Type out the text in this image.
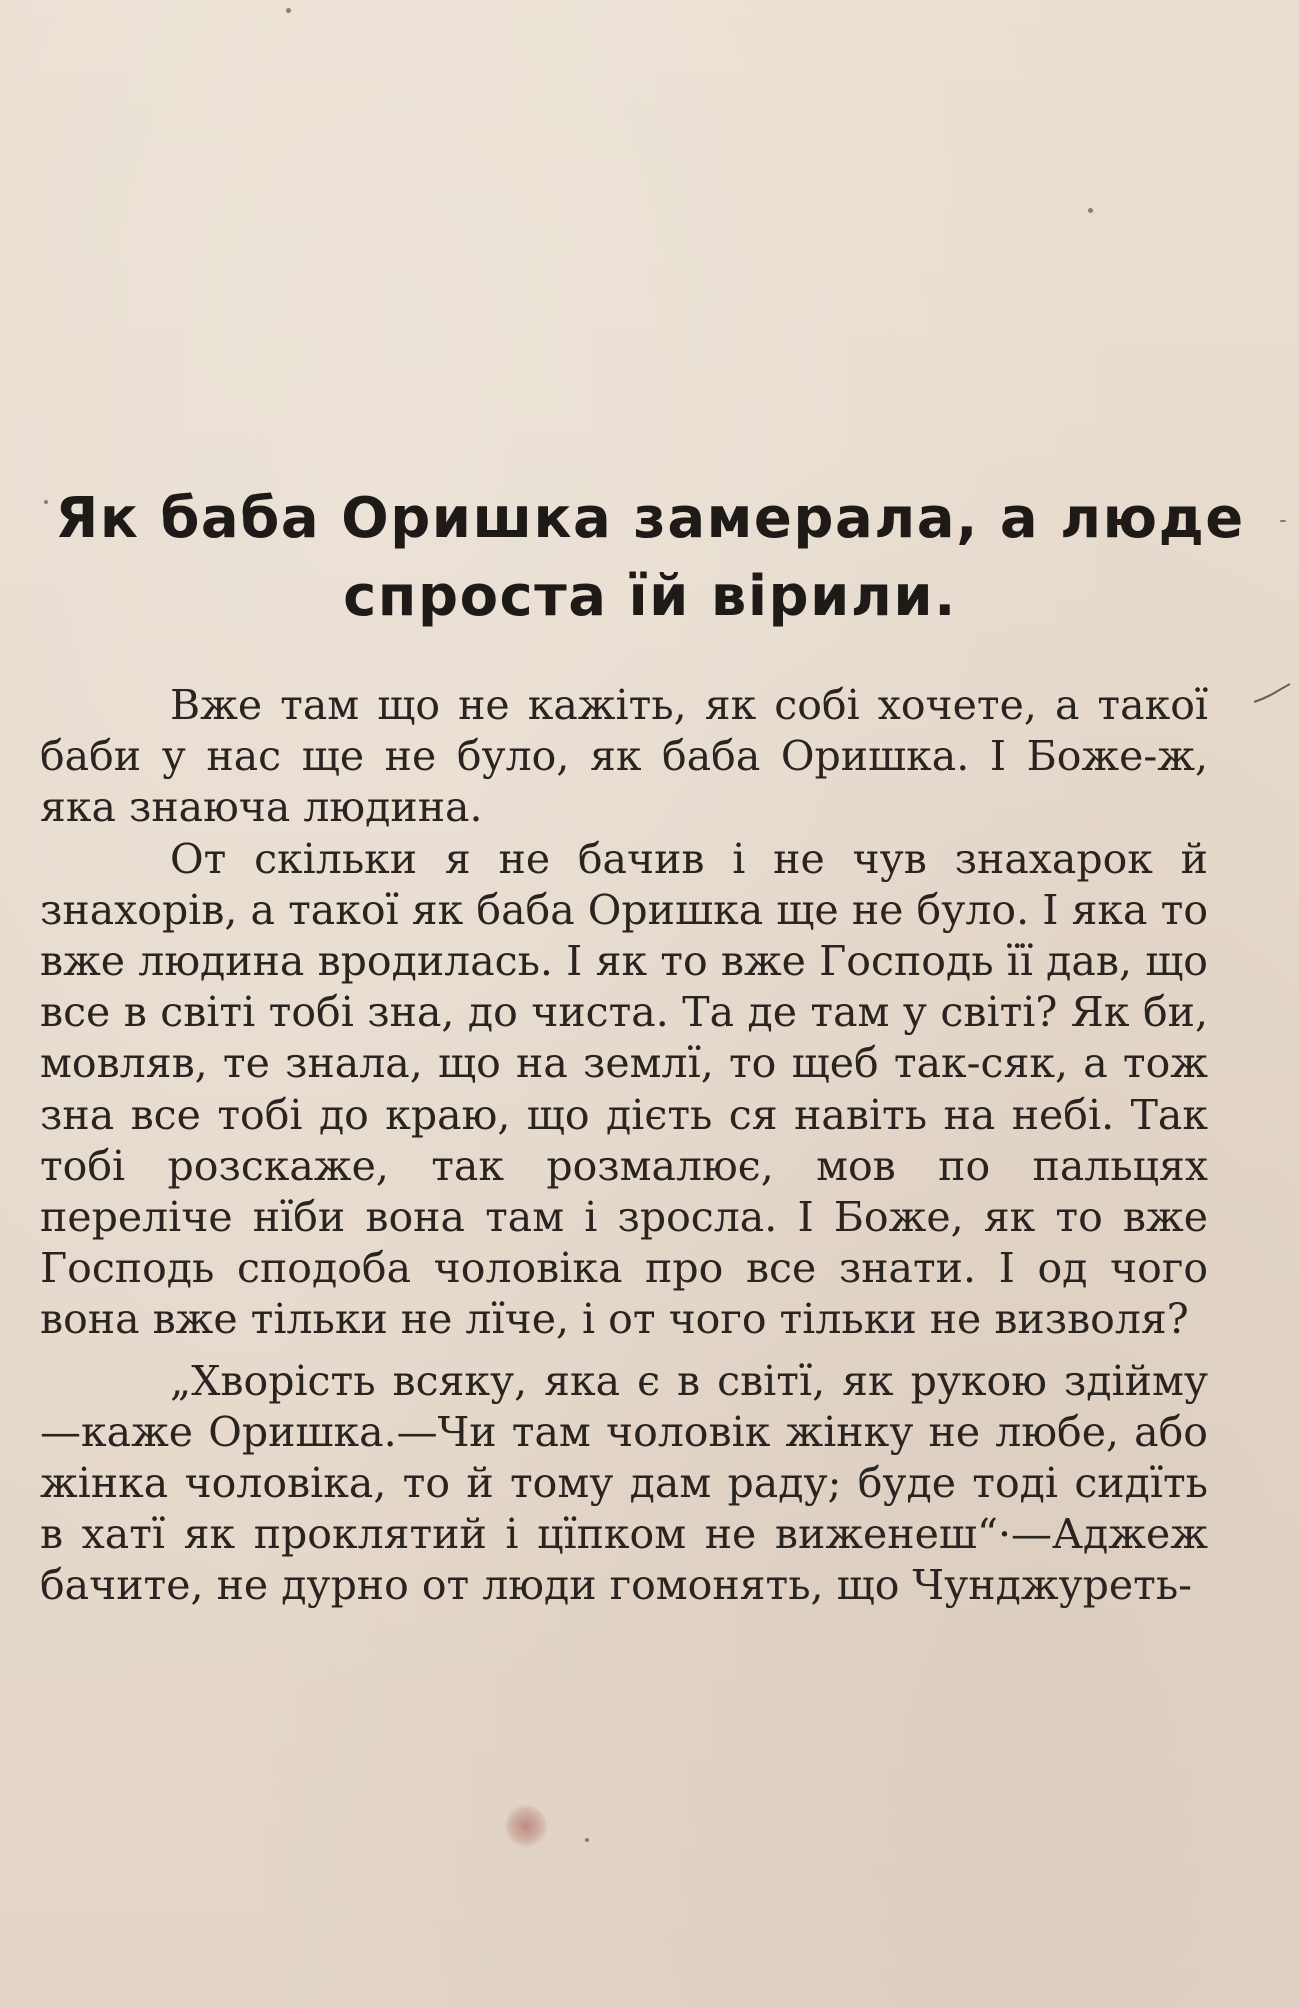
Як баба Оришка замерала, а люде
спроста їй вірили.

Вже там що не кажіть, як собі хочете, а такої баби у нас ще не було, як баба Оришка. І Боже-ж, яка знаюча людина.

От скільки я не бачив і не чув знахарок й знахорів, а такої як баба Оришка ще не було. І яка то вже людина вродилась. І як то вже Господь її дав, що все в світі тобі зна, до чиста. Та де там у світі? Як би, мовляв, те знала, що на землї, то щеб так-сяк, а тож зна все тобі до краю, що дієть ся навіть на небі. Так тобі розскаже, так розмалює, мов по пальцях переліче нїби вона там і зросла. І Боже, як то вже Господь сподоба чоловіка про все знати. І од чого вона вже тільки не лїче, і от чого тільки не визволя?

„Хворість всяку, яка є в світї, як рукою здійму—каже Оришка.—Чи там чоловік жінку не любе, або жінка чоловіка, то й тому дам раду; буде тоді сидїть в хатї як проклятий і цїпком не виженеш“·—Аджеж бачите, не дурно от люди гомонять, що Чунджуреть-
